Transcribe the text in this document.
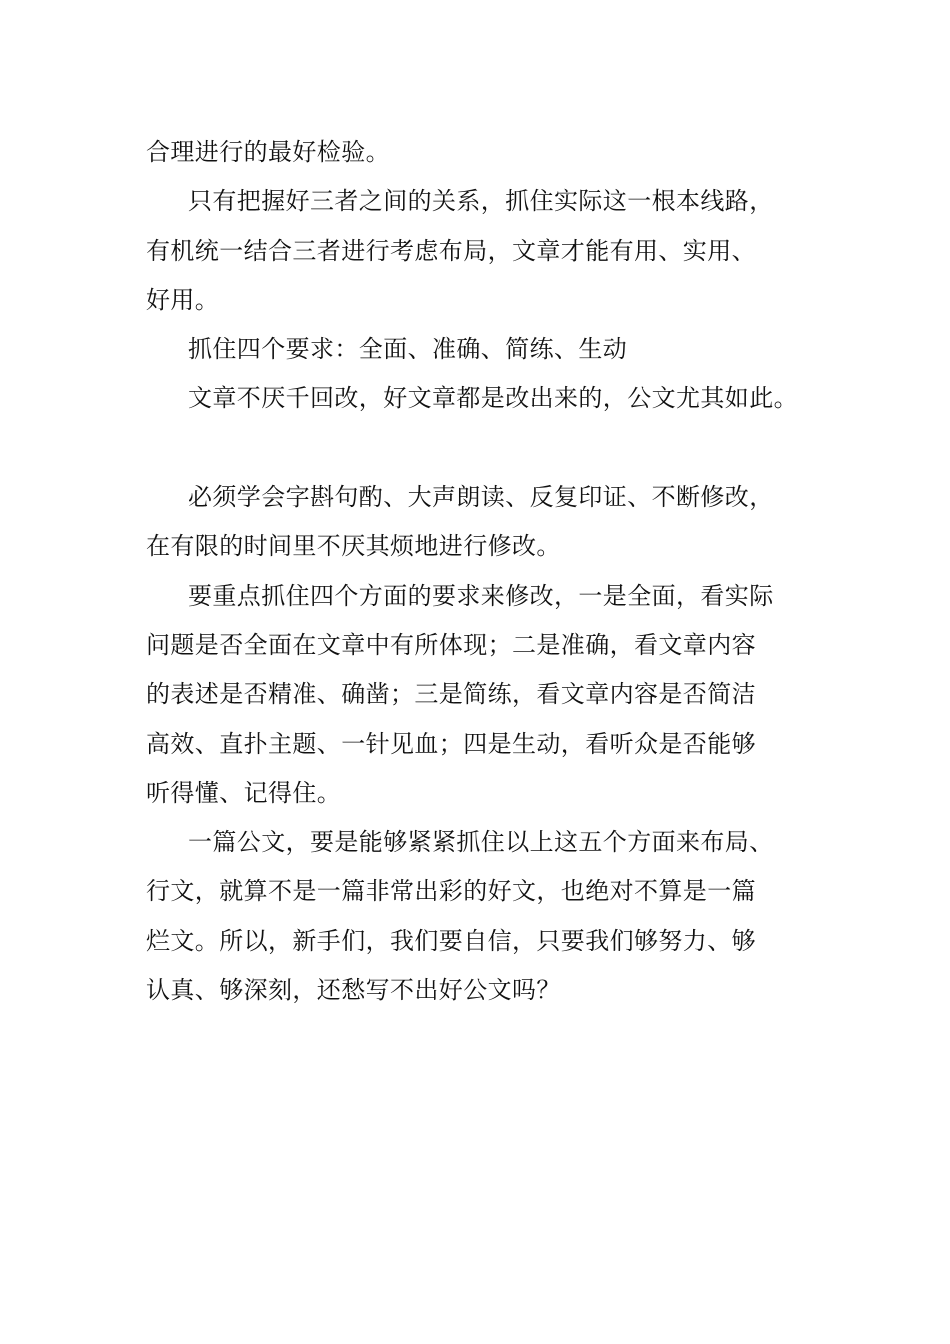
合理进行的最好检验。
只有把握好三者之间的关系，抓住实际这一根本线路，
有机统一结合三者进行考虑布局，文章才能有用、实用、
好用。
抓住四个要求：全面、准确、简练、生动
文章不厌千回改，好文章都是改出来的，公文尤其如此。
必须学会字斟句酌、大声朗读、反复印证、不断修改，
在有限的时间里不厌其烦地进行修改。
要重点抓住四个方面的要求来修改，一是全面，看实际
问题是否全面在文章中有所体现；二是准确，看文章内容
的表述是否精准、确凿；三是简练，看文章内容是否简洁
高效、直扑主题、一针见血；四是生动，看听众是否能够
听得懂、记得住。
一篇公文，要是能够紧紧抓住以上这五个方面来布局、
行文，就算不是一篇非常出彩的好文，也绝对不算是一篇
烂文。所以，新手们，我们要自信，只要我们够努力、够
认真、够深刻，还愁写不出好公文吗？
